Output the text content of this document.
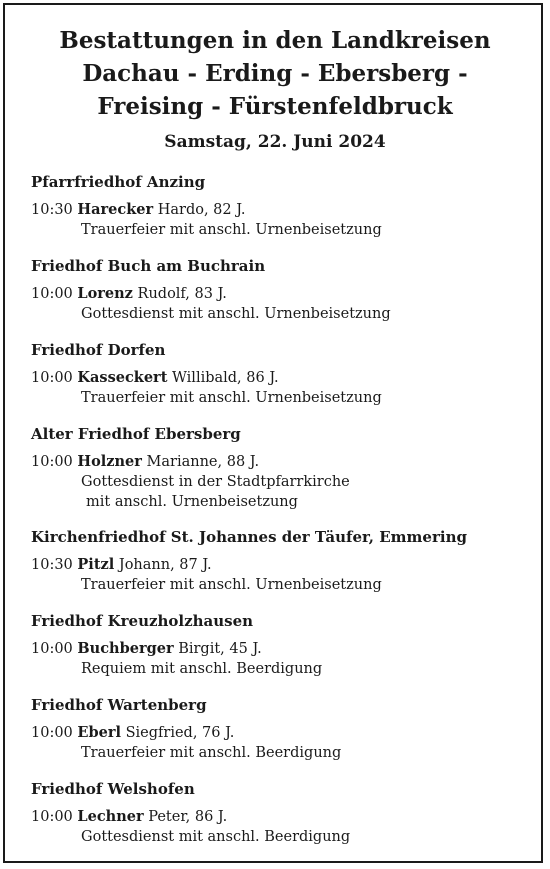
Bestattungen in den Landkreisen
Dachau - Erding - Ebersberg -
Freising - Fürstenfeldbruck
Samstag, 22. Juni 2024
Pfarrfriedhof Anzing
10:30 Harecker Hardo, 82 J.
Trauerfeier mit anschl. Urnenbeisetzung
Friedhof Buch am Buchrain
10:00 Lorenz Rudolf, 83 J.
Gottesdienst mit anschl. Urnenbeisetzung
Friedhof Dorfen
10:00 Kasseckert Willibald, 86 J.
Trauerfeier mit anschl. Urnenbeisetzung
Alter Friedhof Ebersberg
10:00 Holzner Marianne, 88 J.
Gottesdienst in der Stadtpfarrkirche
mit anschl. Urnenbeisetzung
Kirchenfriedhof St. Johannes der Täufer, Emmering
10:30 Pitzl Johann, 87 J.
Trauerfeier mit anschl. Urnenbeisetzung
Friedhof Kreuzholzhausen
10:00 Buchberger Birgit, 45 J.
Requiem mit anschl. Beerdigung
Friedhof Wartenberg
10:00 Eberl Siegfried, 76 J.
Trauerfeier mit anschl. Beerdigung
Friedhof Welshofen
10:00 Lechner Peter, 86 J.
Gottesdienst mit anschl. Beerdigung
